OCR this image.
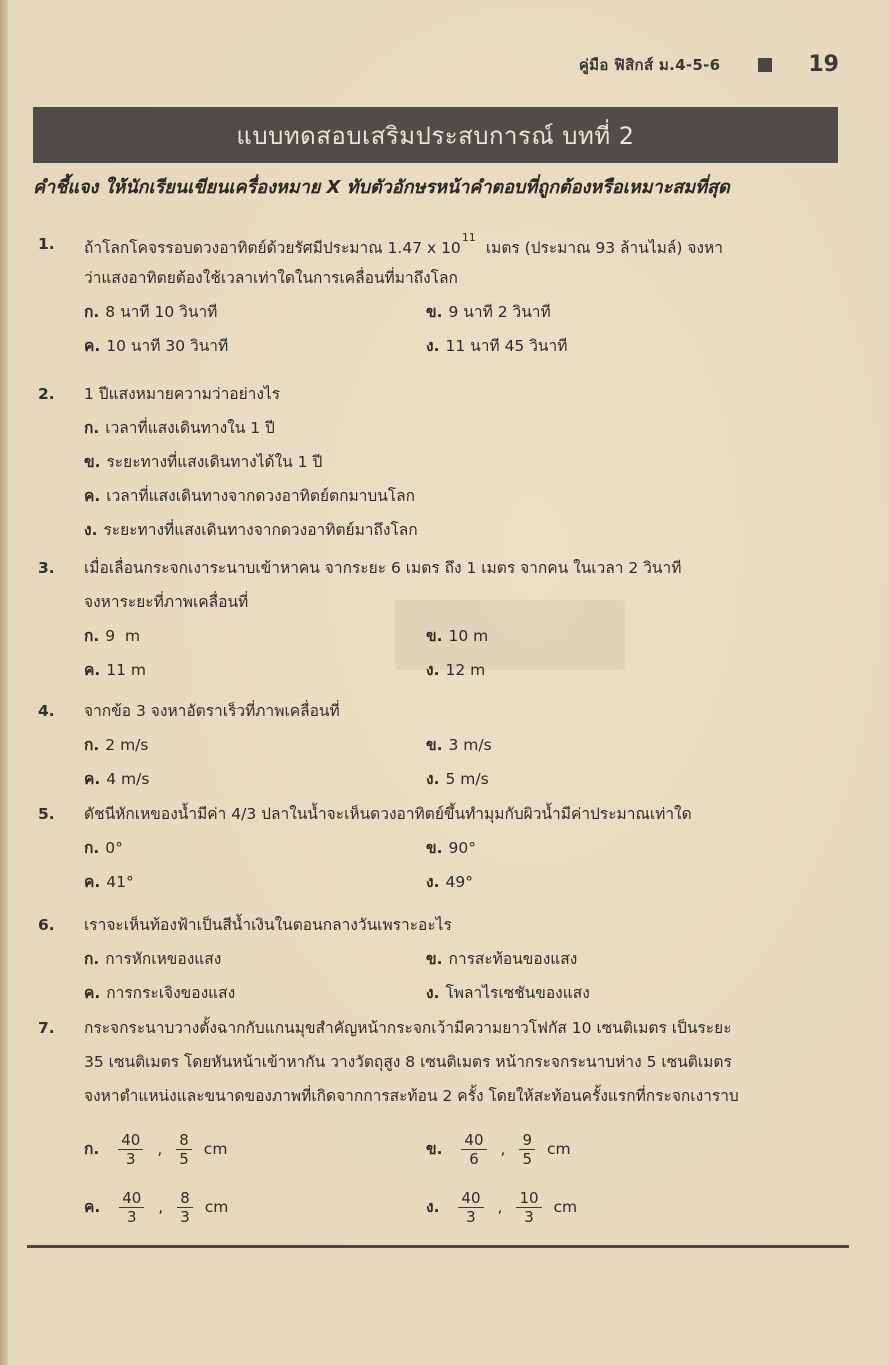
คู่มือ ฟิสิกส์ ม.4-5-6	19
แบบทดสอบเสริมประสบการณ์ บทที่ 2
คำชี้แจง ให้นักเรียนเขียนเครื่องหมาย X ทับตัวอักษรหน้าคำตอบที่ถูกต้องหรือเหมาะสมที่สุด
1. ถ้าโลกโคจรรอบดวงอาทิตย์ด้วยรัศมีประมาณ 1.47 x $10^{11}$เมตร (ประมาณ 93 ล้านไมล์) จงหา
ว่าแสงอาทิตยต้องใช้เวลาเท่าใดในการเคลื่อนที่มาถึงโลก
ก. 8 นาที 10 วินาที	ข. 9 นาที 2 วินาที
ค. 10 นาที 30 วินาที	ง. 11 นาที 45 วินาที
2. 1 ปีแสงหมายความว่าอย่างไร
ก. เวลาที่แสงเดินทางใน 1 ปี
ข. ระยะทางที่แสงเดินทางได้ใน 1 ปี
ค. เวลาที่แสงเดินทางจากดวงอาทิตย์ตกมาบนโลก
ง. ระยะทางที่แสงเดินทางจากดวงอาทิตย์มาถึงโลก
3. เมื่อเลื่อนกระจกเงาระนาบเข้าหาคน จากระยะ 6 เมตร ถึง 1 เมตร จากคน ในเวลา 2 วินาที
จงหาระยะที่ภาพเคลื่อนที่
ก. 9  m	ข. 10 m
ค. 11 m	ง. 12 m
4. จากข้อ 3 จงหาอัตราเร็วที่ภาพเคลื่อนที่
ก. 2 m/s	ข. 3 m/s
ค. 4 m/s	ง. 5 m/s
5. ดัชนีหักเหของน้ำมีค่า 4/3 ปลาในน้ำจะเห็นดวงอาทิตย์ขึ้นทำมุมกับผิวน้ำมีค่าประมาณเท่าใด
ก. 0°	ข. 90°
ค. 41°	ง. 49°
6. เราจะเห็นท้องฟ้าเป็นสีน้ำเงินในตอนกลางวันเพราะอะไร
ก. การหักเหของแสง	ข. การสะท้อนของแสง
ค. การกระเจิงของแสง	ง. โพลาไรเซชันของแสง
7. กระจกระนาบวางตั้งฉากกับแกนมุขสำคัญหน้ากระจกเว้ามีความยาวโฟกัส 10 เซนติเมตร เป็นระยะ
35 เซนติเมตร โดยหันหน้าเข้าหากัน วางวัตถุสูง 8 เซนติเมตร หน้ากระจกระนาบห่าง 5 เซนติเมตร
จงหาตำแหน่งและขนาดของภาพที่เกิดจากการสะท้อน 2 ครั้ง โดยให้สะท้อนครั้งแรกที่กระจกเงาราบ
ก. $\frac{40}{3}$ , $\frac{8}{5}$ cm	ข. $\frac{40}{6}$ , $\frac{9}{5}$ cm
ค. $\frac{40}{3}$ , $\frac{8}{3}$ cm	ง. $\frac{40}{3}$ , $\frac{10}{3}$ cm
